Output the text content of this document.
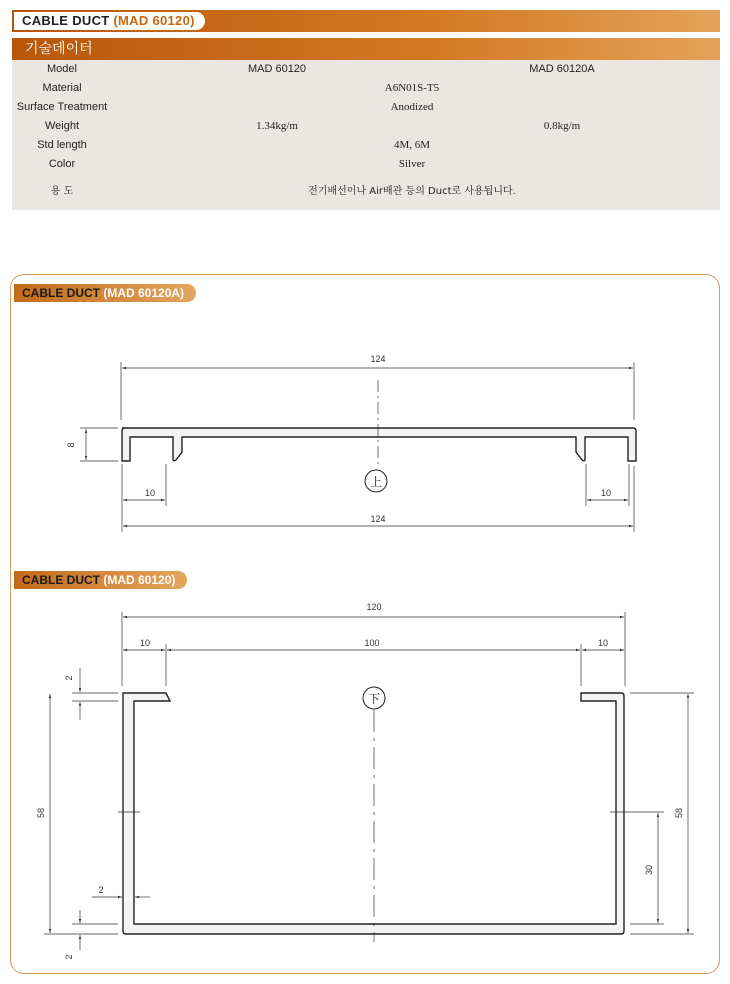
CABLE DUCT (MAD 60120)
기술데이터
Model	MAD 60120	MAD 60120A
Material	A6N01S-T5
Surface Treatment	Anodized
Weight	1.34kg/m	0.8kg/m
Std length	4M, 6M
Color	Silver
용 도	전기배선이나 Air배관 등의 Duct로 사용됩니다.
CABLE DUCT (MAD 60120A)
CABLE DUCT (MAD 60120)
上
124
124
8
10	10
下
120
10	100	10
2
58
2
2
58
30
